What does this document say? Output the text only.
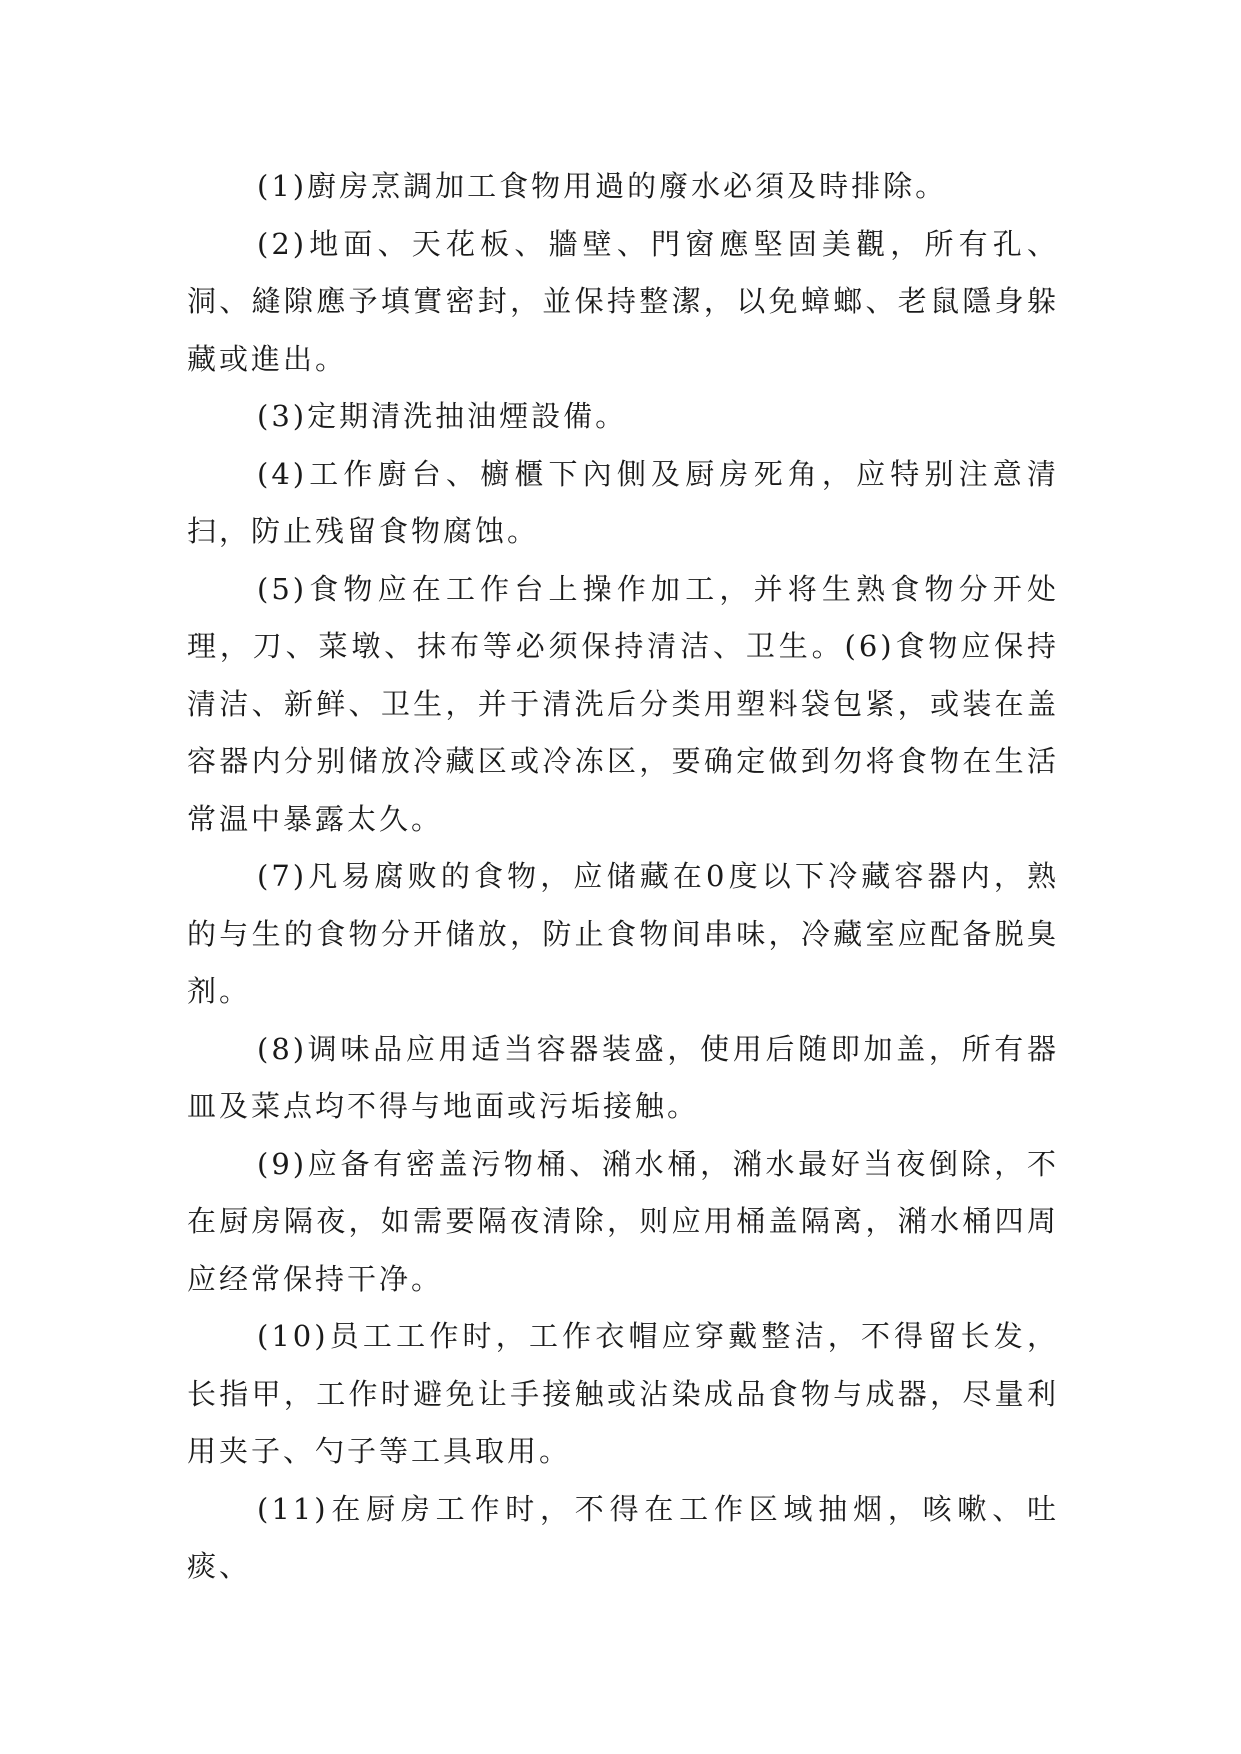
(1)廚房烹調加工食物用過的廢水必須及時排除。

(2)地面、天花板、牆壁、門窗應堅固美觀，所有孔、洞、縫隙應予填實密封，並保持整潔，以免蟑螂、老鼠隱身躲藏或進出。

(3)定期清洗抽油煙設備。

(4)工作廚台、櫥櫃下內側及厨房死角，应特别注意清扫，防止残留食物腐蚀。

(5)食物应在工作台上操作加工，并将生熟食物分开处理，刀、菜墩、抹布等必须保持清洁、卫生。(6)食物应保持清洁、新鲜、卫生，并于清洗后分类用塑料袋包紧，或装在盖容器内分别储放冷藏区或冷冻区，要确定做到勿将食物在生活常温中暴露太久。

(7)凡易腐败的食物，应储藏在0度以下冷藏容器内，熟的与生的食物分开储放，防止食物间串味，冷藏室应配备脱臭剂。

(8)调味品应用适当容器装盛，使用后随即加盖，所有器皿及菜点均不得与地面或污垢接触。

(9)应备有密盖污物桶、潲水桶，潲水最好当夜倒除，不在厨房隔夜，如需要隔夜清除，则应用桶盖隔离，潲水桶四周应经常保持干净。

(10)员工工作时，工作衣帽应穿戴整洁，不得留长发，长指甲，工作时避免让手接触或沾染成品食物与成器，尽量利用夹子、勺子等工具取用。

(11)在厨房工作时，不得在工作区域抽烟，咳嗽、吐痰、
